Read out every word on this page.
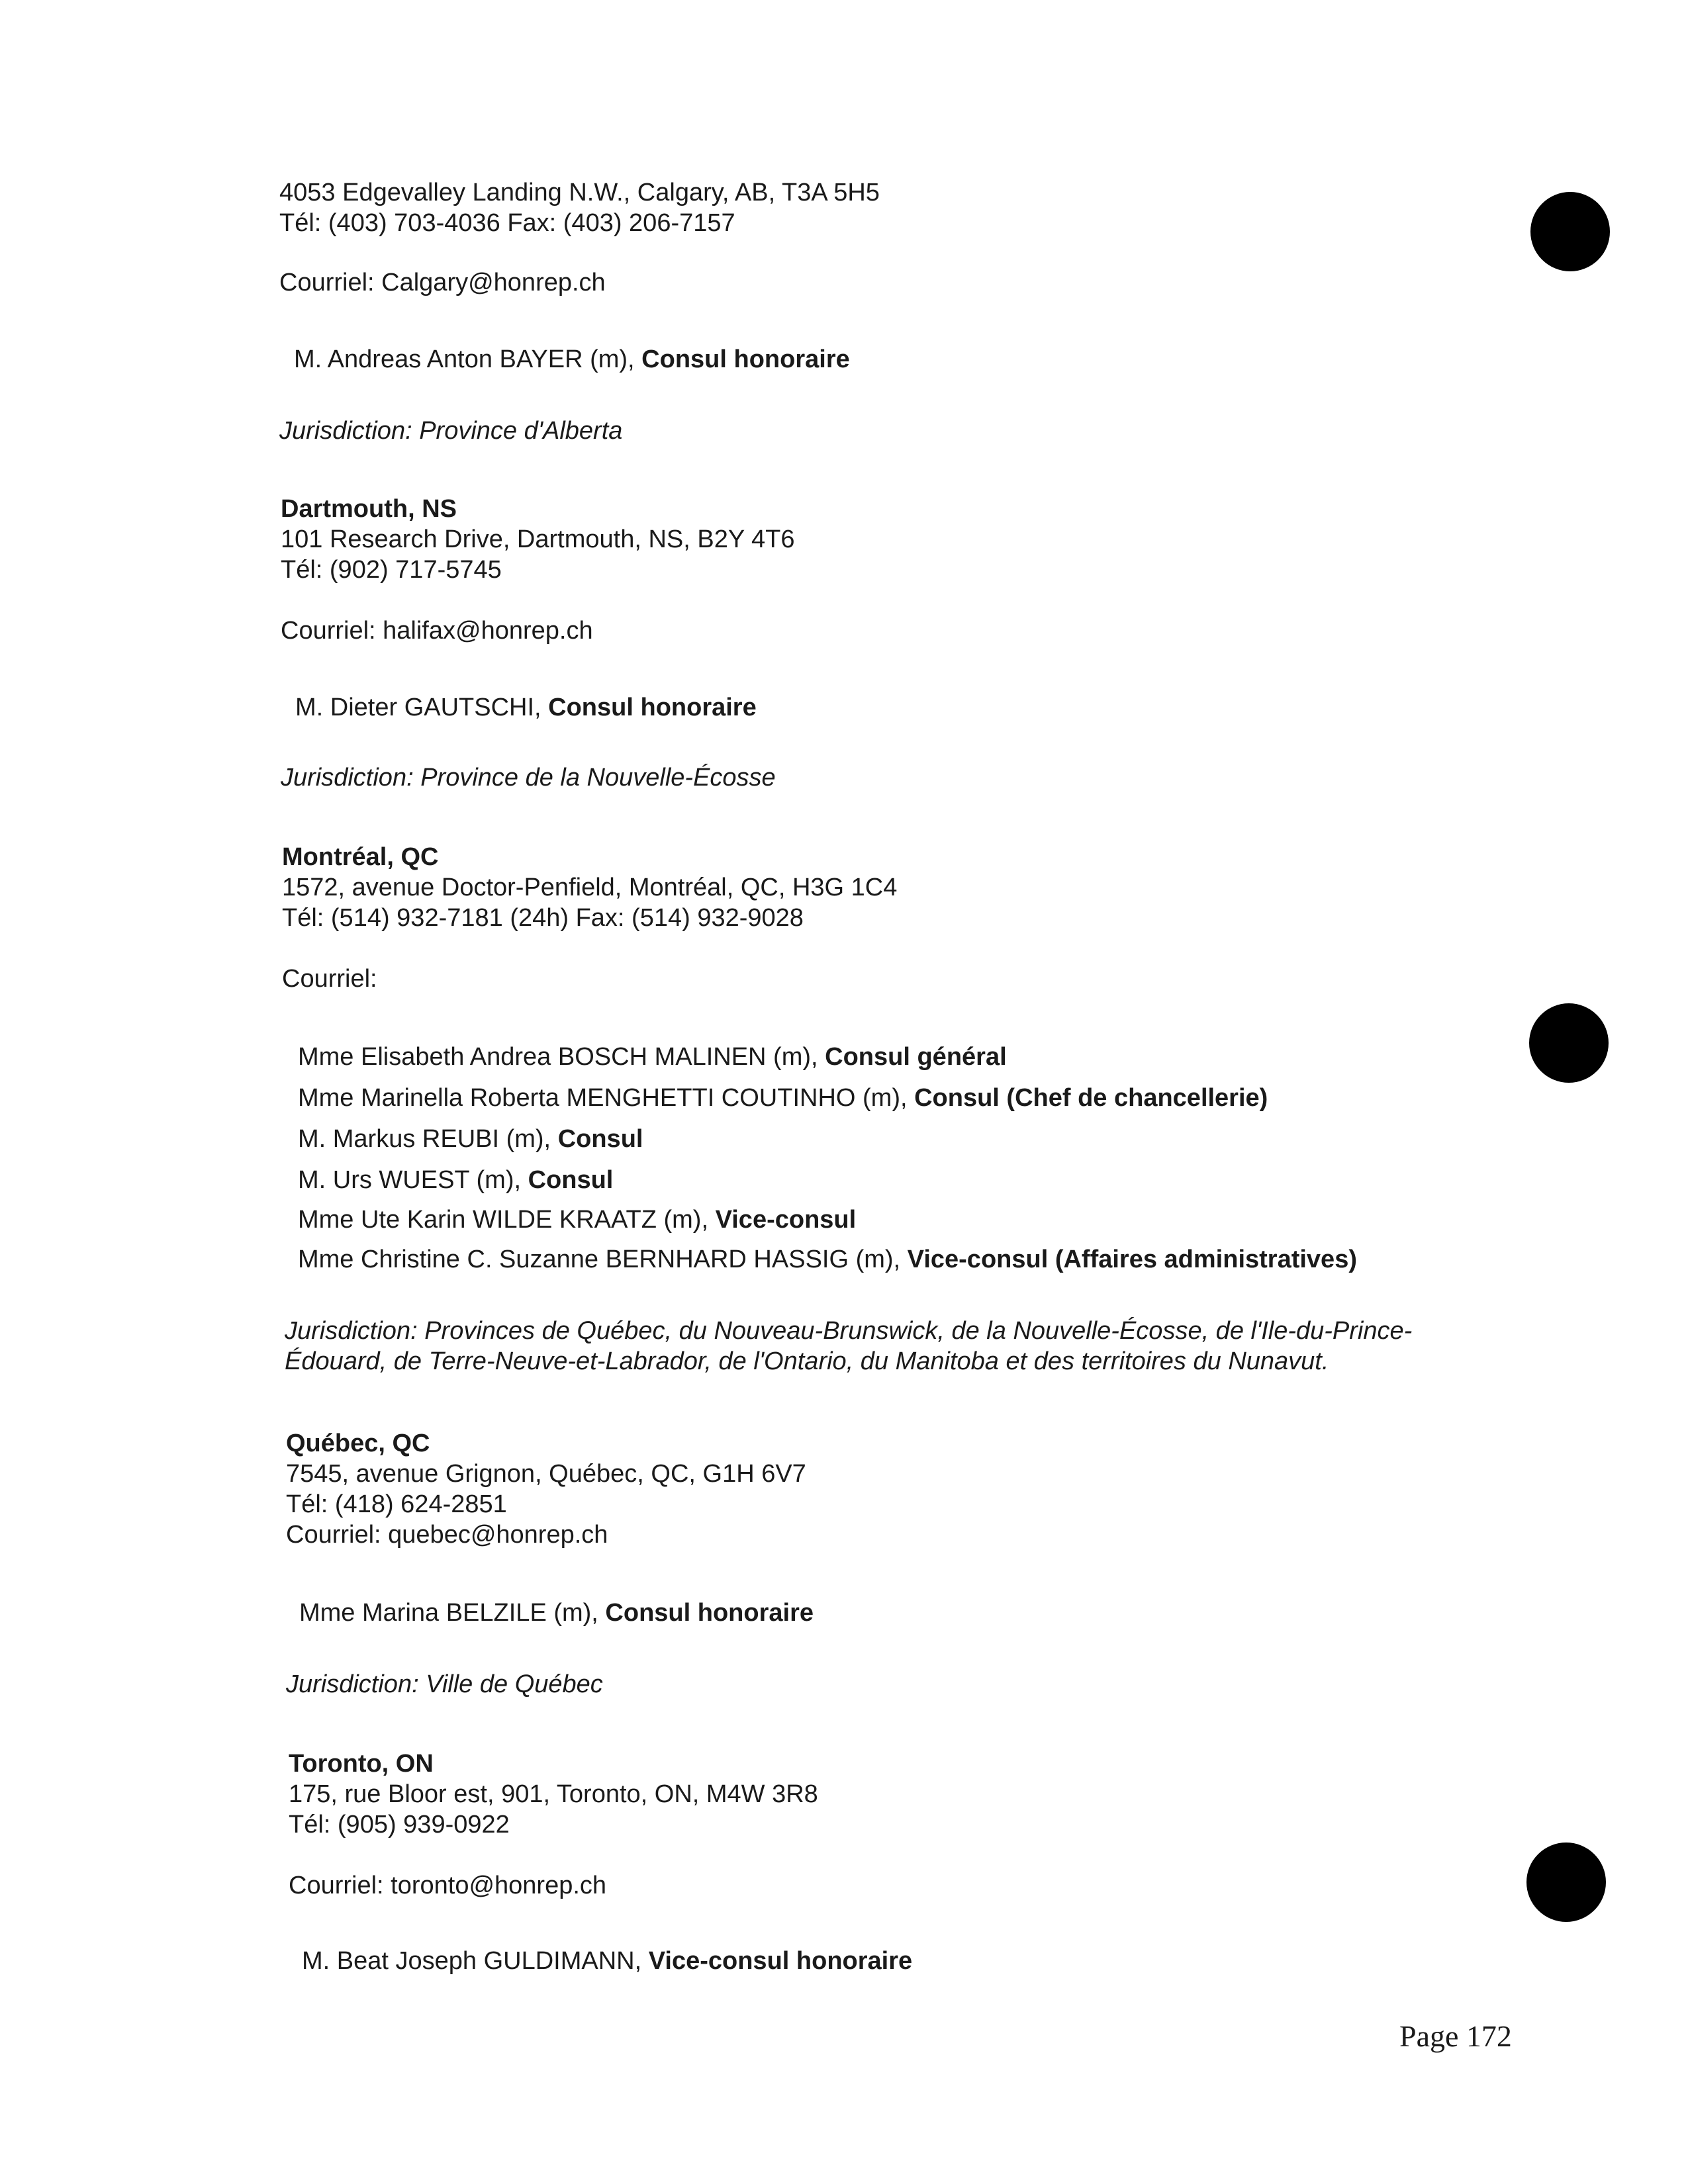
4053 Edgevalley Landing N.W., Calgary, AB, T3A 5H5
Tél: (403) 703-4036 Fax: (403) 206-7157
Courriel: Calgary@honrep.ch
M. Andreas Anton BAYER (m), Consul honoraire
Jurisdiction: Province d'Alberta
Dartmouth, NS
101 Research Drive, Dartmouth, NS, B2Y 4T6
Tél: (902) 717-5745
Courriel: halifax@honrep.ch
M. Dieter GAUTSCHI, Consul honoraire
Jurisdiction: Province de la Nouvelle-Écosse
Montréal, QC
1572, avenue Doctor-Penfield, Montréal, QC, H3G 1C4
Tél: (514) 932-7181 (24h) Fax: (514) 932-9028
Courriel:
Mme Elisabeth Andrea BOSCH MALINEN (m), Consul général
Mme Marinella Roberta MENGHETTI COUTINHO (m), Consul (Chef de chancellerie)
M. Markus REUBI (m), Consul
M. Urs WUEST (m), Consul
Mme Ute Karin WILDE KRAATZ (m), Vice-consul
Mme Christine C. Suzanne BERNHARD HASSIG (m), Vice-consul (Affaires administratives)
Jurisdiction: Provinces de Québec, du Nouveau-Brunswick, de la Nouvelle-Écosse, de l'Ile-du-Prince-
Édouard, de Terre-Neuve-et-Labrador, de l'Ontario, du Manitoba et des territoires du Nunavut.
Québec, QC
7545, avenue Grignon, Québec, QC, G1H 6V7
Tél: (418) 624-2851
Courriel: quebec@honrep.ch
Mme Marina BELZILE (m), Consul honoraire
Jurisdiction: Ville de Québec
Toronto, ON
175, rue Bloor est, 901, Toronto, ON, M4W 3R8
Tél: (905) 939-0922
Courriel: toronto@honrep.ch
M. Beat Joseph GULDIMANN, Vice-consul honoraire
Page 172
